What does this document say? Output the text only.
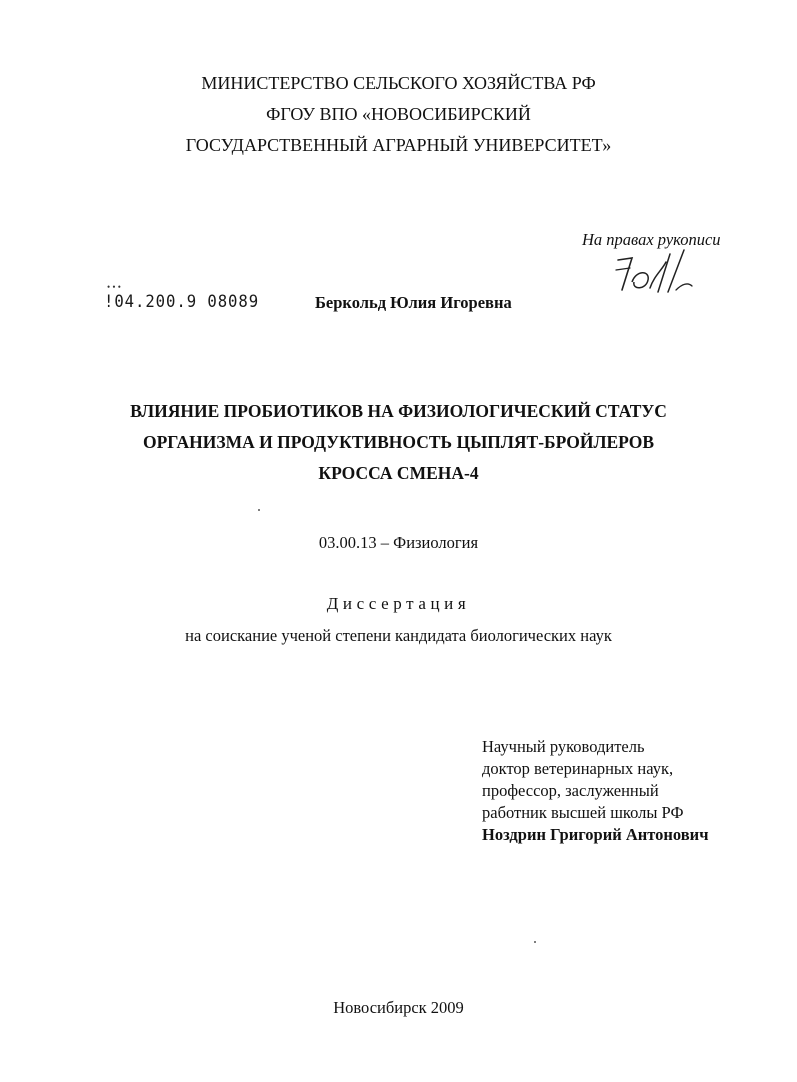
МИНИСТЕРСТВО СЕЛЬСКОГО ХОЗЯЙСТВА РФ
ФГОУ ВПО «НОВОСИБИРСКИЙ
ГОСУДАРСТВЕННЫЙ АГРАРНЫЙ УНИВЕРСИТЕТ»
На правах рукописи
• • •
!04.200.9 08089	Беркольд Юлия Игоревна
ВЛИЯНИЕ ПРОБИОТИКОВ НА ФИЗИОЛОГИЧЕСКИЙ СТАТУС
ОРГАНИЗМА И ПРОДУКТИВНОСТЬ ЦЫПЛЯТ-БРОЙЛЕРОВ
КРОССА СМЕНА-4
03.00.13 – Физиология
Диссертация
на соискание ученой степени кандидата биологических наук
Научный руководитель
доктор ветеринарных наук,
профессор, заслуженный
работник высшей школы РФ
Ноздрин Григорий Антонович
Новосибирск 2009
